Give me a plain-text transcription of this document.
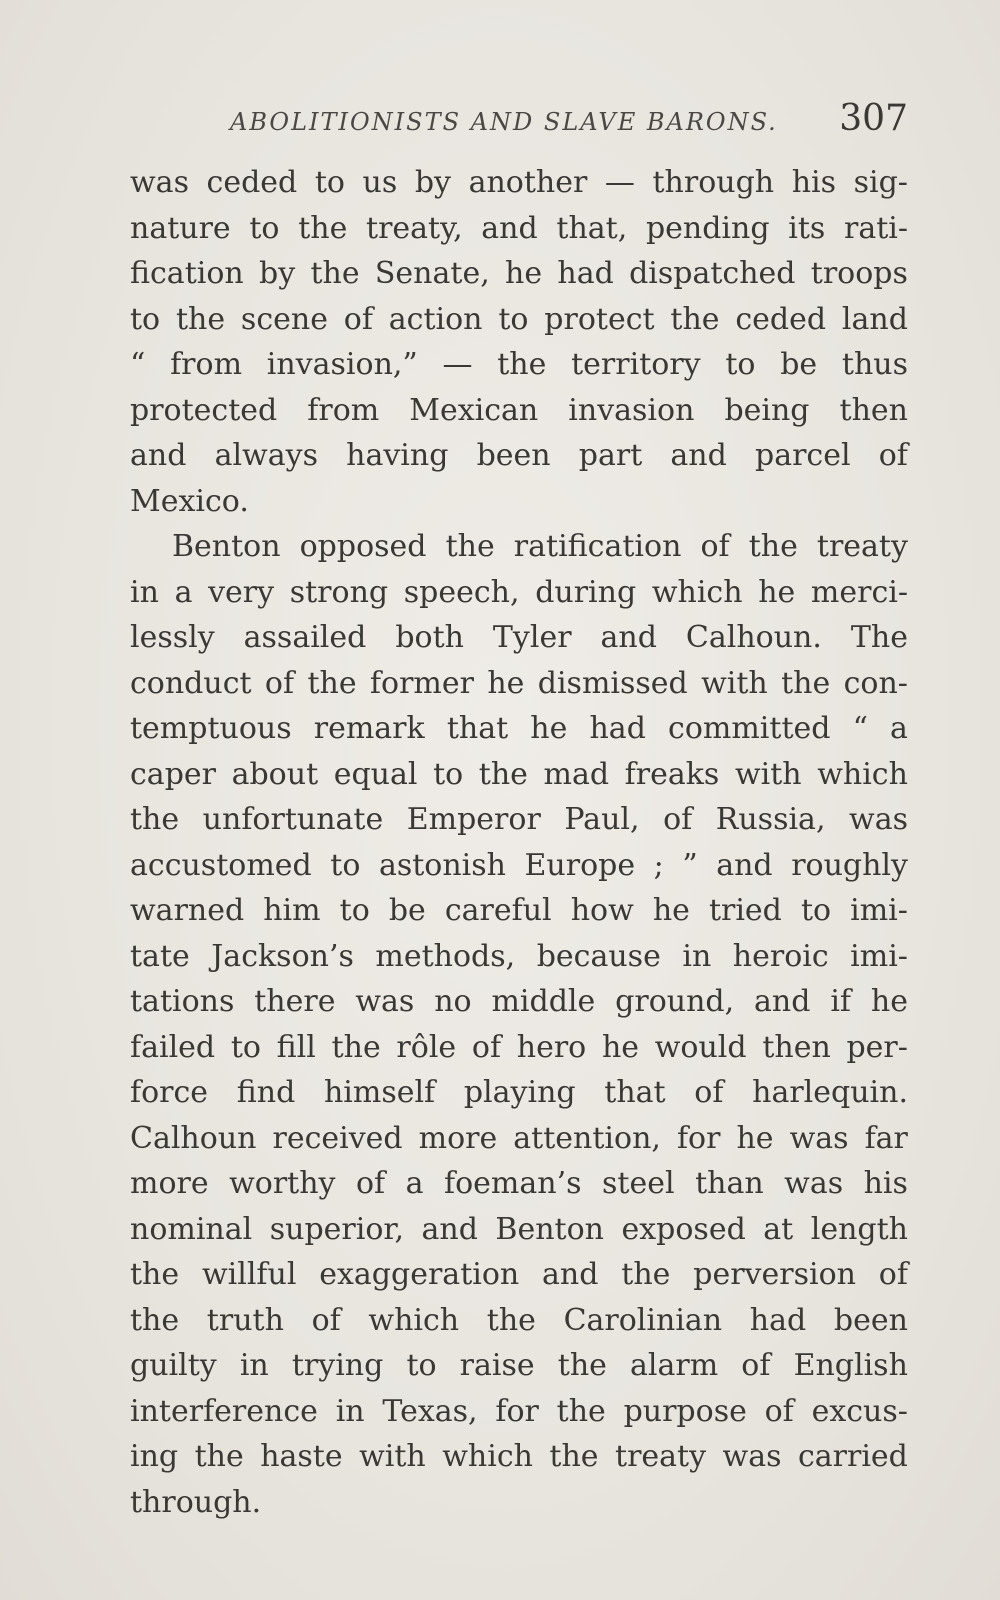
ABOLITIONISTS AND SLAVE BARONS. 307
was ceded to us by another — through his sig-
nature to the treaty, and that, pending its rati-
fication by the Senate, he had dispatched troops
to the scene of action to protect the ceded land
“ from invasion,” — the territory to be thus
protected from Mexican invasion being then
and always having been part and parcel of
Mexico.
Benton opposed the ratification of the treaty
in a very strong speech, during which he merci-
lessly assailed both Tyler and Calhoun. The
conduct of the former he dismissed with the con-
temptuous remark that he had committed “ a
caper about equal to the mad freaks with which
the unfortunate Emperor Paul, of Russia, was
accustomed to astonish Europe ; ” and roughly
warned him to be careful how he tried to imi-
tate Jackson’s methods, because in heroic imi-
tations there was no middle ground, and if he
failed to fill the rôle of hero he would then per-
force find himself playing that of harlequin.
Calhoun received more attention, for he was far
more worthy of a foeman’s steel than was his
nominal superior, and Benton exposed at length
the willful exaggeration and the perversion of
the truth of which the Carolinian had been
guilty in trying to raise the alarm of English
interference in Texas, for the purpose of excus-
ing the haste with which the treaty was carried
through.
